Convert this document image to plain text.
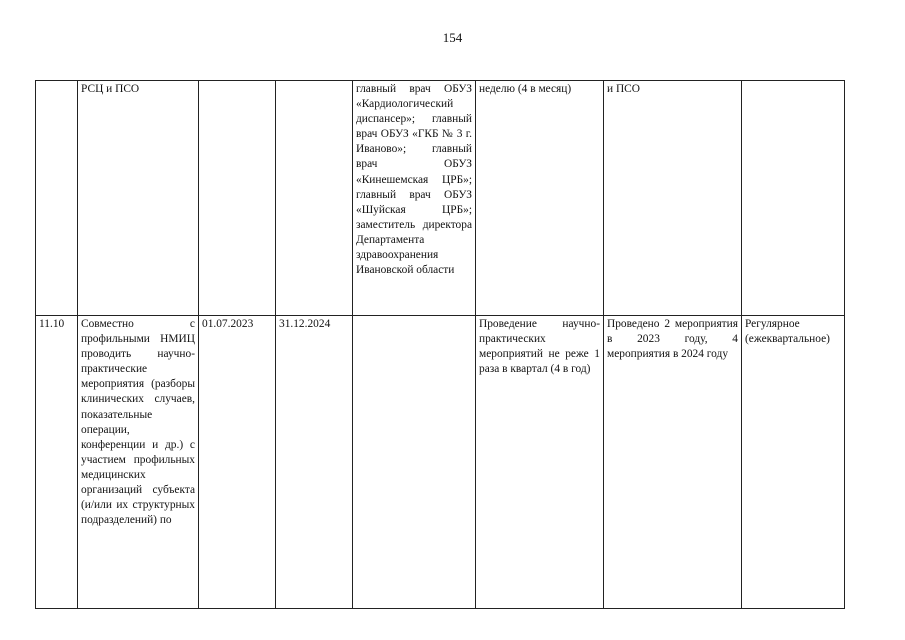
154
	РСЦ и ПСО			главный врач ОБУЗ «Кардиологический диспансер»; главный врач ОБУЗ «ГКБ № 3 г. Иваново»; главный врач ОБУЗ «Кинешемская ЦРБ»; главный врач ОБУЗ «Шуйская ЦРБ»; заместитель директора Департамента здравоохранения Ивановской области	неделю (4 в месяц)	и ПСО	
11.10	Совместно с профильными НМИЦ проводить научно-практические мероприятия (разборы клинических случаев, показательные операции, конференции и др.) с участием профильных медицинских организаций субъекта (и/или их структурных подразделений) по	01.07.2023	31.12.2024		Проведение научно-практических мероприятий не реже 1 раза в квартал (4 в год)	Проведено 2 мероприятия в 2023 году, 4 мероприятия в 2024 году	Регулярное (ежеквартальное)
